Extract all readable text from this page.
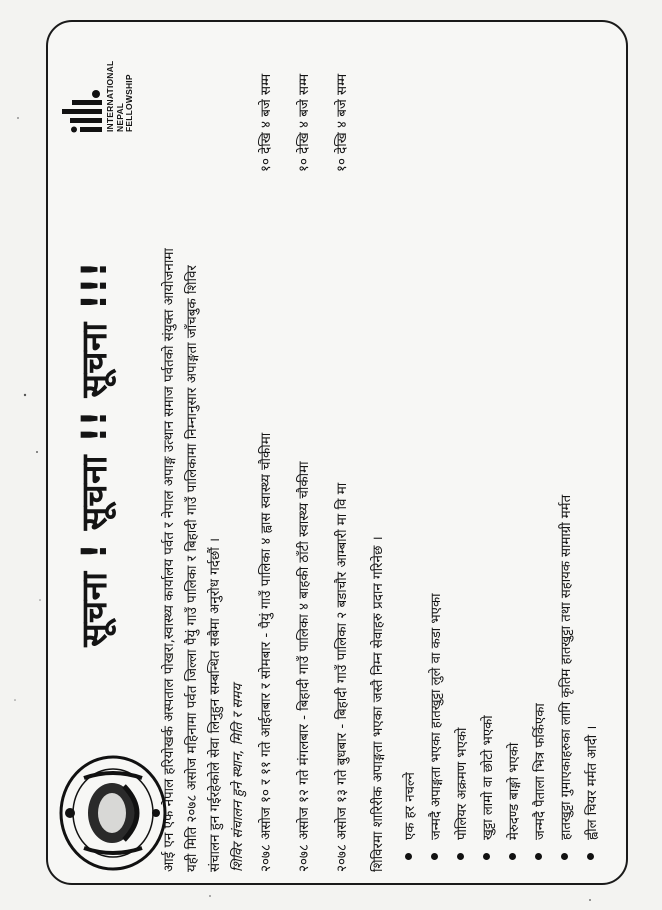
सूचना ! सूचना !! सूचना !!!
INTERNATIONAL NEPAL FELLOWSHIP
आई एन एफ नेपाल हरियोखर्क अस्पताल पोखरा,स्वास्थ्य कार्यालय पर्वत र नेपाल अपाङ्ग उत्थान समाज पर्वतको संयुक्त आयोजनामा यही मिति २०७८ असोज महिनामा पर्वत जिल्ला पैयुं गाउँ पालिका र बिहादी गाउँ पालिकामा निम्नानुसार अपाङ्गता जाँचबुक शिविर संचालन हुन गईरहेकोले सेवा लिनुहुन सम्बन्धित सबैमा अनुरोध गर्दछौं । शिविर संचालन हुने स्थान, मिति र समय २०७८ असोज १० र ११ गते आईतबार र सोमबार - पैयुं गाउँ पालिका ४ ह्वास स्वास्थ्य चौकीमा
१० देखि ४ बजे सम्म
२०७८ असोज १२ गते मंगलबार - बिहादी गाउँ पालिका ४ बाहकी ठाँटी स्वास्थ्य चौकीमा
१० देखि ४ बजे सम्म
२०७८ असोज १३ गते बुधबार - बिहादी गाउँ पालिका २ बडाचौर आम्बारी मा वि मा
१० देखि ४ बजे सम्म
शिविरमा शारिरीक अपाङ्गता भएका जस्तै निम्न सेवाहरु प्रदान गरिनेछ । एक हर नचल्ने जन्मदै अपाङ्गता भएका हातखुट्टा लुले वा कडा भएका पोलियर अक्रमण भएको खुट्टा लामो वा छोटो भएको मेरुदण्ड बाङ्गो भएको जन्मदै पैताला भित्र फर्किएका हातखुट्टा गुमाएकाहरुका लागि कृतिम हातखुट्टा तथा सहायक सामाग्री मर्मत ह्वील चियर मर्मत आदी ।
